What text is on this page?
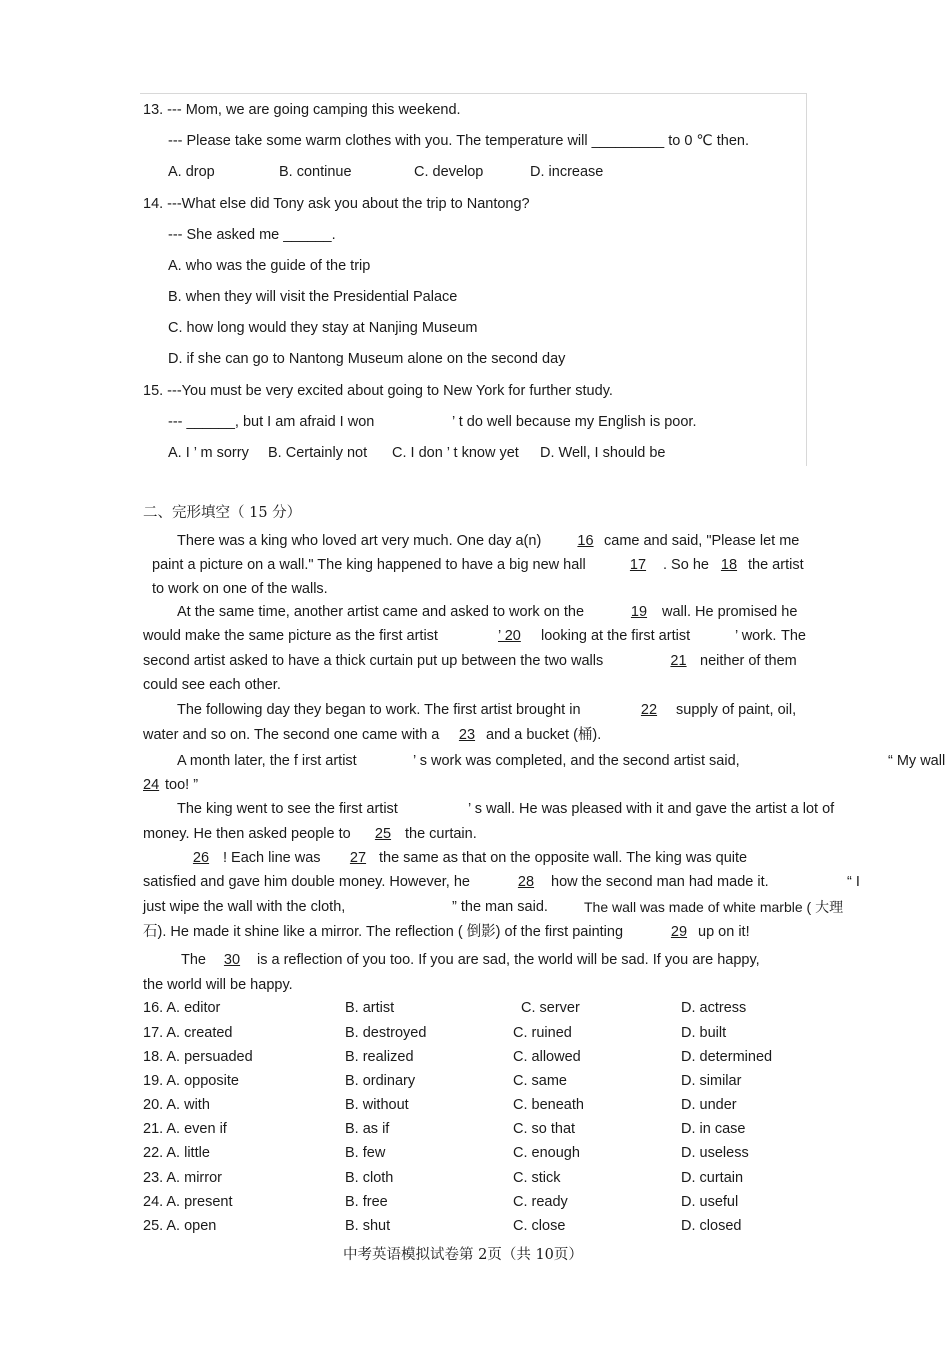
13. --- Mom, we are going camping this weekend.
--- Please take some warm clothes with you. The temperature will _________ to 0 ℃ then.
A. drop	B. continue	C. develop	D. increase
14. ---What else did Tony ask you about the trip to Nantong?
--- She asked me ______.
A. who was the guide of the trip
B. when they will visit the Presidential Palace
C. how long would they stay at Nanjing Museum
D. if she can go to Nantong Museum alone on the second day
15. ---You must be very excited about going to New York for further study.
--- ______, but I am afraid I won	’ t do well because my English is poor.
A. I ’ m sorry B. Certainly not C. I don ’ t know yet D. Well, I should be
二、完形填空（ 15 分）
There was a king who loved art very much. One day a(n)	16 came and said, "Please let me
paint a picture on a wall." The king happened to have a big new hall	17	. So he 18 the artist
to work on one of the walls.
At the same time, another artist came and asked to work on the	19	wall. He promised he
would make the same picture as the first artist	’ 20	looking at the first artist	’ work. The
second artist asked to have a thick curtain put up between the two walls	21 neither of them
could see each other.
The following day they began to work. The first artist brought in	22	supply of paint, oil,
water and so on. The second one came with a	23 and a bucket (桶).
A month later, the f irst artist	’ s work was completed, and the second artist said,	“ My wall
24 too! ”
The king went to see the first artist	’ s wall. He was pleased with it and gave the artist a lot of
money. He then asked people to	25 the curtain.
26 ! Each line was	27 the same as that on the opposite wall. The king was quite
satisfied and gave him double money. However, he	28	how the second man had made it.	“ I
just wipe the wall with the cloth,	” the man said.	The wall was made of white marble ( 大理
石). He made it shine like a mirror. The reflection ( 倒影) of the first painting	29 up on it!
The	30	is a reflection of you too. If you are sad, the world will be sad. If you are happy,
the world will be happy.
16. A. editor	B. artist	C. server	D. actress
17. A. created	B. destroyed	C. ruined	D. built
18. A. persuaded	B. realized	C. allowed	D. determined
19. A. opposite	B. ordinary	C. same	D. similar
20. A. with	B. without	C. beneath	D. under
21. A. even if	B. as if	C. so that	D. in case
22. A. little	B. few	C. enough	D. useless
23. A. mirror	B. cloth	C. stick	D. curtain
24. A. present	B. free	C. ready	D. useful
25. A. open	B. shut	C. close	D. closed
中考英语模拟试卷第 2页（共 10页）
